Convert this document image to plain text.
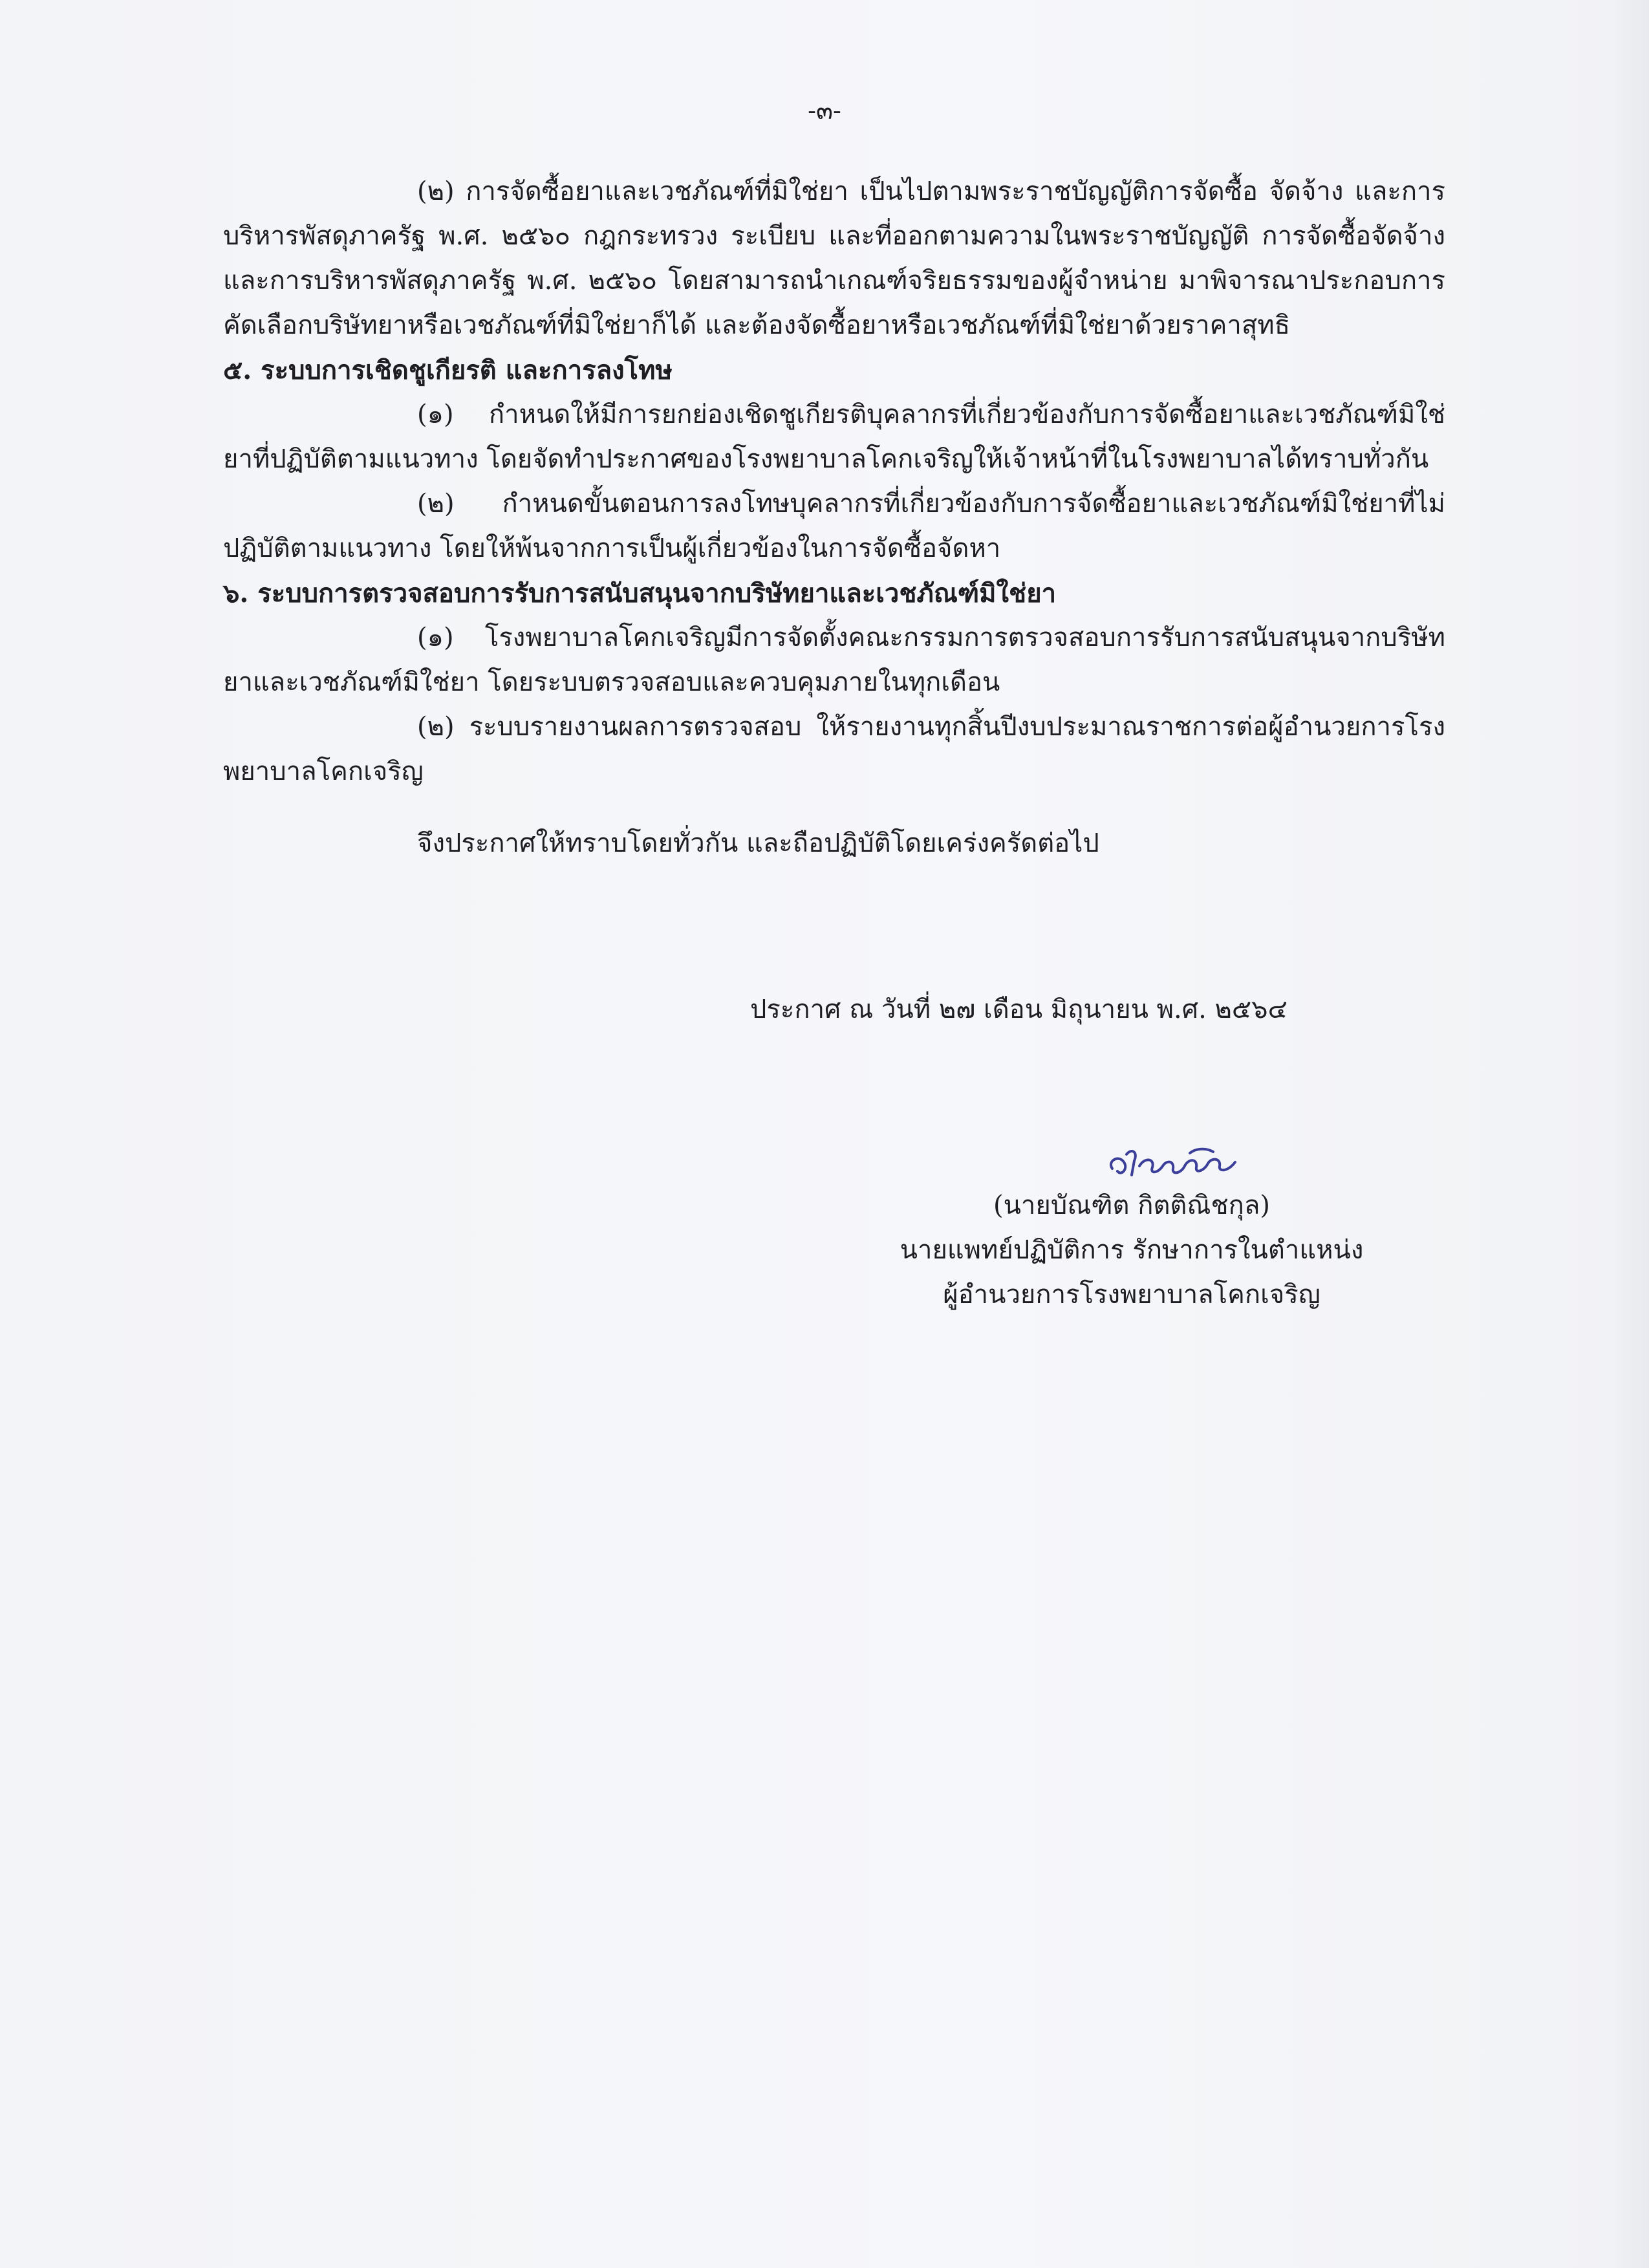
-๓-

(๒) การจัดซื้อยาและเวชภัณฑ์ที่มิใช่ยา เป็นไปตามพระราชบัญญัติการจัดซื้อ จัดจ้าง และการบริหารพัสดุภาครัฐ พ.ศ. ๒๕๖๐ กฎกระทรวง ระเบียบ และที่ออกตามความในพระราชบัญญัติ การจัดซื้อจัดจ้างและการบริหารพัสดุภาครัฐ พ.ศ. ๒๕๖๐ โดยสามารถนำเกณฑ์จริยธรรมของผู้จำหน่าย มาพิจารณาประกอบการคัดเลือกบริษัทยาหรือเวชภัณฑ์ที่มิใช่ยาก็ได้ และต้องจัดซื้อยาหรือเวชภัณฑ์ที่มิใช่ยาด้วยราคาสุทธิ

๕. ระบบการเชิดชูเกียรติ และการลงโทษ

(๑) กำหนดให้มีการยกย่องเชิดชูเกียรติบุคลากรที่เกี่ยวข้องกับการจัดซื้อยาและเวชภัณฑ์มิใช่ยาที่ปฏิบัติตามแนวทาง โดยจัดทำประกาศของโรงพยาบาลโคกเจริญให้เจ้าหน้าที่ในโรงพยาบาลได้ทราบทั่วกัน

(๒) กำหนดขั้นตอนการลงโทษบุคลากรที่เกี่ยวข้องกับการจัดซื้อยาและเวชภัณฑ์มิใช่ยาที่ไม่ปฏิบัติตามแนวทาง โดยให้พ้นจากการเป็นผู้เกี่ยวข้องในการจัดซื้อจัดหา

๖. ระบบการตรวจสอบการรับการสนับสนุนจากบริษัทยาและเวชภัณฑ์มิใช่ยา

(๑) โรงพยาบาลโคกเจริญมีการจัดตั้งคณะกรรมการตรวจสอบการรับการสนับสนุนจากบริษัทยาและเวชภัณฑ์มิใช่ยา โดยระบบตรวจสอบและควบคุมภายในทุกเดือน

(๒) ระบบรายงานผลการตรวจสอบ ให้รายงานทุกสิ้นปีงบประมาณราชการต่อผู้อำนวยการโรงพยาบาลโคกเจริญ

จึงประกาศให้ทราบโดยทั่วกัน และถือปฏิบัติโดยเคร่งครัดต่อไป

ประกาศ ณ วันที่ ๒๗ เดือน มิถุนายน พ.ศ. ๒๕๖๔
(นายบัณฑิต กิตติณิชกุล)
นายแพทย์ปฏิบัติการ รักษาการในตำแหน่ง
ผู้อำนวยการโรงพยาบาลโคกเจริญ
